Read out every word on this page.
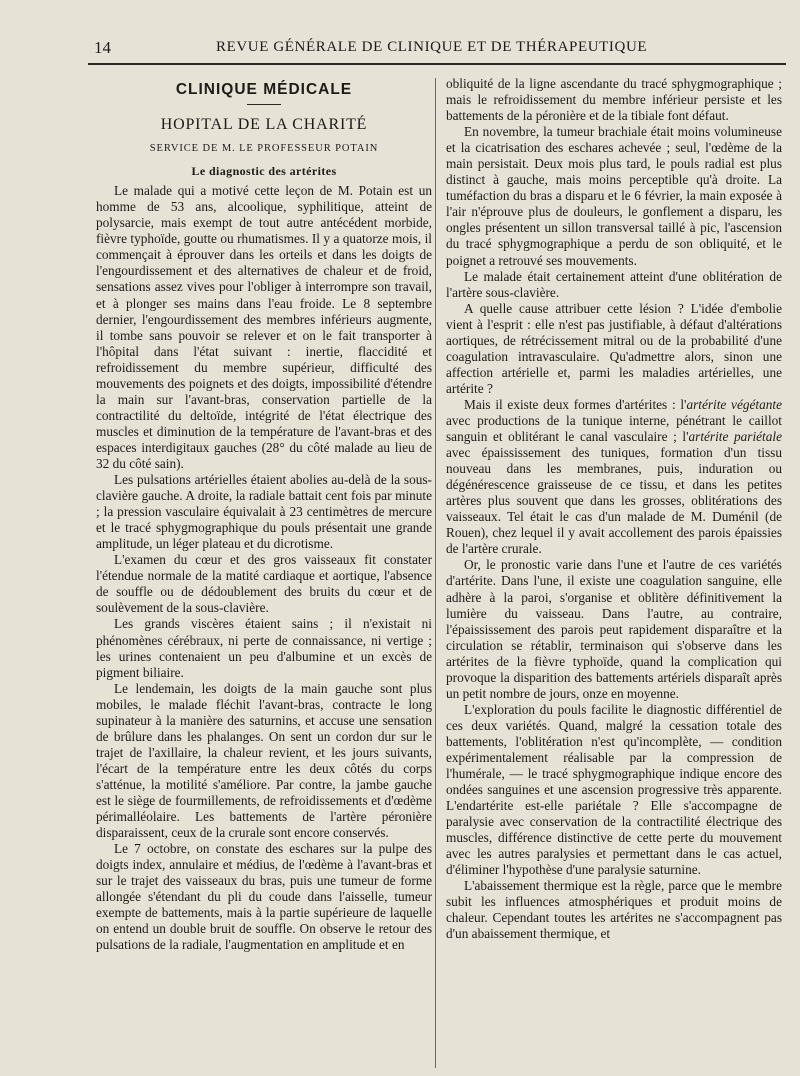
14	REVUE GÉNÉRALE DE CLINIQUE ET DE THÉRAPEUTIQUE
CLINIQUE MÉDICALE
HOPITAL DE LA CHARITÉ
SERVICE DE M. LE PROFESSEUR POTAIN
Le diagnostic des artérites

Le malade qui a motivé cette leçon de M. Potain est un homme de 53 ans, alcoolique, syphilitique, atteint de polysarcie, mais exempt de tout autre antécédent morbide, fièvre typhoïde, goutte ou rhumatismes. Il y a quatorze mois, il commençait à éprouver dans les orteils et dans les doigts de l'engourdissement et des alternatives de chaleur et de froid, sensations assez vives pour l'obliger à interrompre son travail, et à plonger ses mains dans l'eau froide. Le 8 septembre dernier, l'engourdissement des membres inférieurs augmente, il tombe sans pouvoir se relever et on le fait transporter à l'hôpital dans l'état suivant : inertie, flaccidité et refroidissement du membre supérieur, difficulté des mouvements des poignets et des doigts, impossibilité d'étendre la main sur l'avant-bras, conservation partielle de la contractilité du deltoïde, intégrité de l'état électrique des muscles et diminution de la température de l'avant-bras et des espaces interdigitaux gauches (28° du côté malade au lieu de 32 du côté sain).

Les pulsations artérielles étaient abolies au-delà de la sous-clavière gauche. A droite, la radiale battait cent fois par minute ; la pression vasculaire équivalait à 23 centimètres de mercure et le tracé sphygmographique du pouls présentait une grande amplitude, un léger plateau et du dicrotisme.

L'examen du cœur et des gros vaisseaux fit constater l'étendue normale de la matité cardiaque et aortique, l'absence de souffle ou de dédoublement des bruits du cœur et de soulèvement de la sous-clavière.

Les grands viscères étaient sains ; il n'existait ni phénomènes cérébraux, ni perte de connaissance, ni vertige ; les urines contenaient un peu d'albumine et un excès de pigment biliaire.

Le lendemain, les doigts de la main gauche sont plus mobiles, le malade fléchit l'avant-bras, contracte le long supinateur à la manière des saturnins, et accuse une sensation de brûlure dans les phalanges. On sent un cordon dur sur le trajet de l'axillaire, la chaleur revient, et les jours suivants, l'écart de la température entre les deux côtés du corps s'atténue, la motilité s'améliore. Par contre, la jambe gauche est le siège de fourmillements, de refroidissements et d'œdème périmalléolaire. Les battements de l'artère péronière disparaissent, ceux de la crurale sont encore conservés.

Le 7 octobre, on constate des eschares sur la pulpe des doigts index, annulaire et médius, de l'œdème à l'avant-bras et sur le trajet des vaisseaux du bras, puis une tumeur de forme allongée s'étendant du pli du coude dans l'aisselle, tumeur exempte de battements, mais à la partie supérieure de laquelle on entend un double bruit de souffle. On observe le retour des pulsations de la radiale, l'augmentation en amplitude et en

obliquité de la ligne ascendante du tracé sphygmographique ; mais le refroidissement du membre inférieur persiste et les battements de la péronière et de la tibiale font défaut.

En novembre, la tumeur brachiale était moins volumineuse et la cicatrisation des eschares achevée ; seul, l'œdème de la main persistait. Deux mois plus tard, le pouls radial est plus distinct à gauche, mais moins perceptible qu'à droite. La tuméfaction du bras a disparu et le 6 février, la main exposée à l'air n'éprouve plus de douleurs, le gonflement a disparu, les ongles présentent un sillon transversal taillé à pic, l'ascension du tracé sphygmographique a perdu de son obliquité, et le poignet a retrouvé ses mouvements.

Le malade était certainement atteint d'une oblitération de l'artère sous-clavière.

A quelle cause attribuer cette lésion ? L'idée d'embolie vient à l'esprit : elle n'est pas justifiable, à défaut d'altérations aortiques, de rétrécissement mitral ou de la probabilité d'une coagulation intravasculaire. Qu'admettre alors, sinon une affection artérielle et, parmi les maladies artérielles, une artérite ?

Mais il existe deux formes d'artérites : l'artérite végétante avec productions de la tunique interne, pénétrant le caillot sanguin et oblitérant le canal vasculaire ; l'artérite pariétale avec épaississement des tuniques, formation d'un tissu nouveau dans les membranes, puis, induration ou dégénérescence graisseuse de ce tissu, et dans les petites artères plus souvent que dans les grosses, oblitérations des vaisseaux. Tel était le cas d'un malade de M. Duménil (de Rouen), chez lequel il y avait accollement des parois épaissies de l'artère crurale.

Or, le pronostic varie dans l'une et l'autre de ces variétés d'artérite. Dans l'une, il existe une coagulation sanguine, elle adhère à la paroi, s'organise et oblitère définitivement la lumière du vaisseau. Dans l'autre, au contraire, l'épaississement des parois peut rapidement disparaître et la circulation se rétablir, terminaison qui s'observe dans les artérites de la fièvre typhoïde, quand la complication qui provoque la disparition des battements artériels disparaît après un petit nombre de jours, onze en moyenne.

L'exploration du pouls facilite le diagnostic différentiel de ces deux variétés. Quand, malgré la cessation totale des battements, l'oblitération n'est qu'incomplète, — condition expérimentalement réalisable par la compression de l'humérale, — le tracé sphygmographique indique encore des ondées sanguines et une ascension progressive très apparente. L'endartérite est-elle pariétale ? Elle s'accompagne de paralysie avec conservation de la contractilité électrique des muscles, différence distinctive de cette perte du mouvement avec les autres paralysies et permettant dans le cas actuel, d'éliminer l'hypothèse d'une paralysie saturnine.

L'abaissement thermique est la règle, parce que le membre subit les influences atmosphériques et produit moins de chaleur. Cependant toutes les artérites ne s'accompagnent pas d'un abaissement thermique, et
